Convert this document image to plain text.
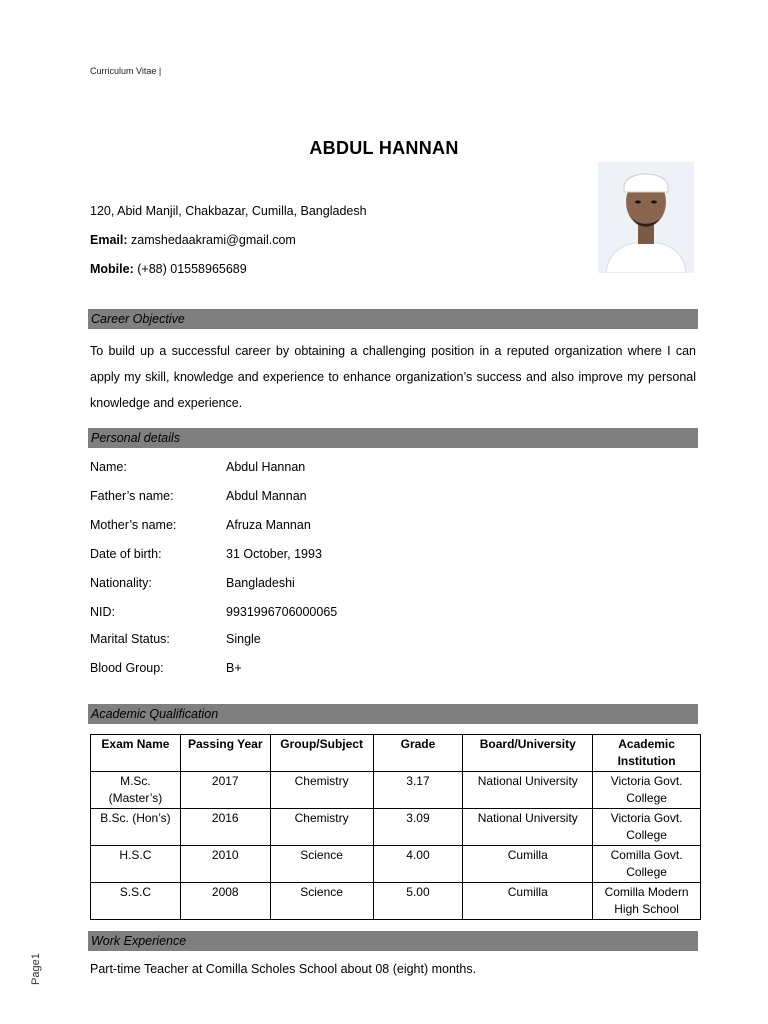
Curriculum Vitae |
ABDUL HANNAN
120, Abid Manjil, Chakbazar, Cumilla, Bangladesh
Email: zamshedaakrami@gmail.com
Mobile: (+88) 01558965689
Career Objective
To build up a successful career by obtaining a challenging position in a reputed organization where I can apply my skill, knowledge and experience to enhance organization’s success and also improve my personal knowledge and experience.
Personal details
Name:	Abdul Hannan
Father’s name:	Abdul Mannan
Mother’s name:	Afruza Mannan
Date of birth:	31 October, 1993
Nationality:	Bangladeshi
NID:	9931996706000065
Marital Status:	Single
Blood Group:	B+
Academic Qualification
Exam Name	Passing Year	Group/Subject	Grade	Board/University	Academic Institution
M.Sc. (Master’s)	2017	Chemistry	3.17	National University	Victoria Govt. College
B.Sc. (Hon’s)	2016	Chemistry	3.09	National University	Victoria Govt. College
H.S.C	2010	Science	4.00	Cumilla	Comilla Govt. College
S.S.C	2008	Science	5.00	Cumilla	Comilla Modern High School
Work Experience
Part-time Teacher at Comilla Scholes School about 08 (eight) months.
Page1
